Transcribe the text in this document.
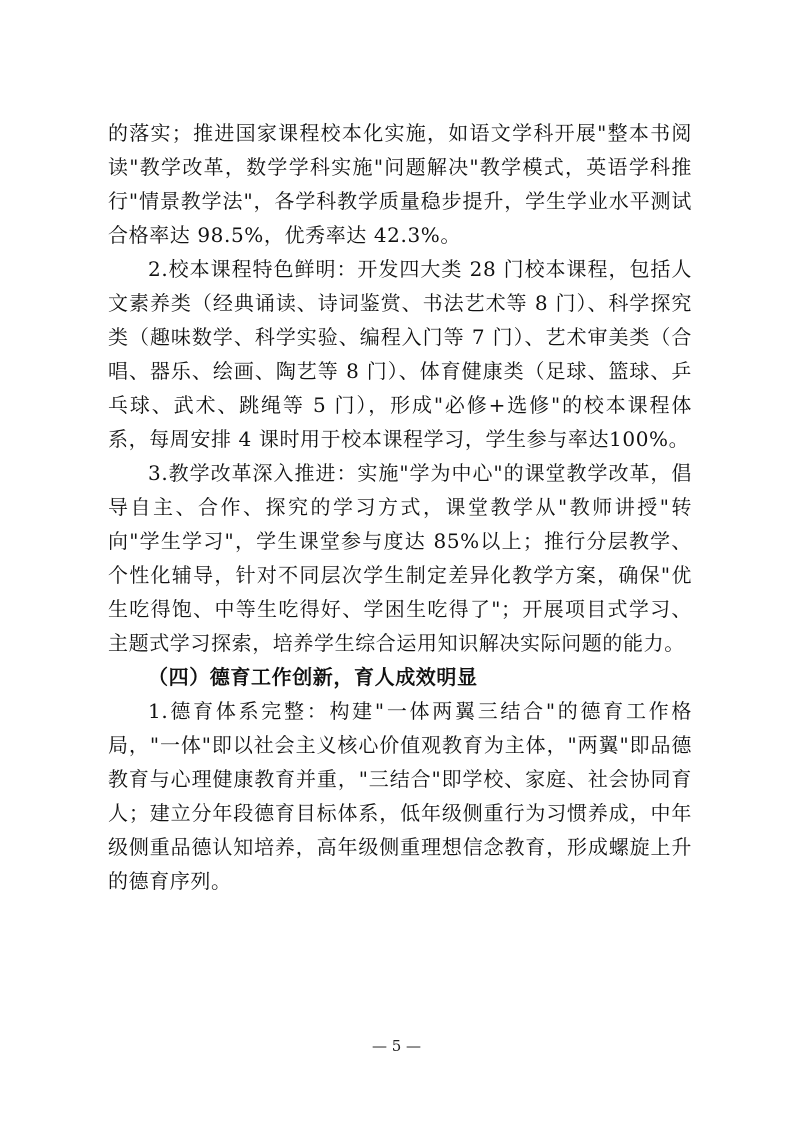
的落实；推进国家课程校本化实施，如语文学科开展"整本书阅读"教学改革，数学学科实施"问题解决"教学模式，英语学科推行"情景教学法"，各学科教学质量稳步提升，学生学业水平测试合格率达 98.5%，优秀率达 42.3%。

2.校本课程特色鲜明：开发四大类 28 门校本课程，包括人文素养类（经典诵读、诗词鉴赏、书法艺术等 8 门）、科学探究类（趣味数学、科学实验、编程入门等 7 门）、艺术审美类（合唱、器乐、绘画、陶艺等 8 门）、体育健康类（足球、篮球、乒乓球、武术、跳绳等 5 门），形成"必修+选修"的校本课程体系，每周安排 4 课时用于校本课程学习，学生参与率达100%。

3.教学改革深入推进：实施"学为中心"的课堂教学改革，倡导自主、合作、探究的学习方式，课堂教学从"教师讲授"转向"学生学习"，学生课堂参与度达 85%以上；推行分层教学、个性化辅导，针对不同层次学生制定差异化教学方案，确保"优生吃得饱、中等生吃得好、学困生吃得了"；开展项目式学习、主题式学习探索，培养学生综合运用知识解决实际问题的能力。

（四）德育工作创新，育人成效明显

1.德育体系完整：构建"一体两翼三结合"的德育工作格局，"一体"即以社会主义核心价值观教育为主体，"两翼"即品德教育与心理健康教育并重，"三结合"即学校、家庭、社会协同育人；建立分年段德育目标体系，低年级侧重行为习惯养成，中年级侧重品德认知培养，高年级侧重理想信念教育，形成螺旋上升的德育序列。

— 5 —
